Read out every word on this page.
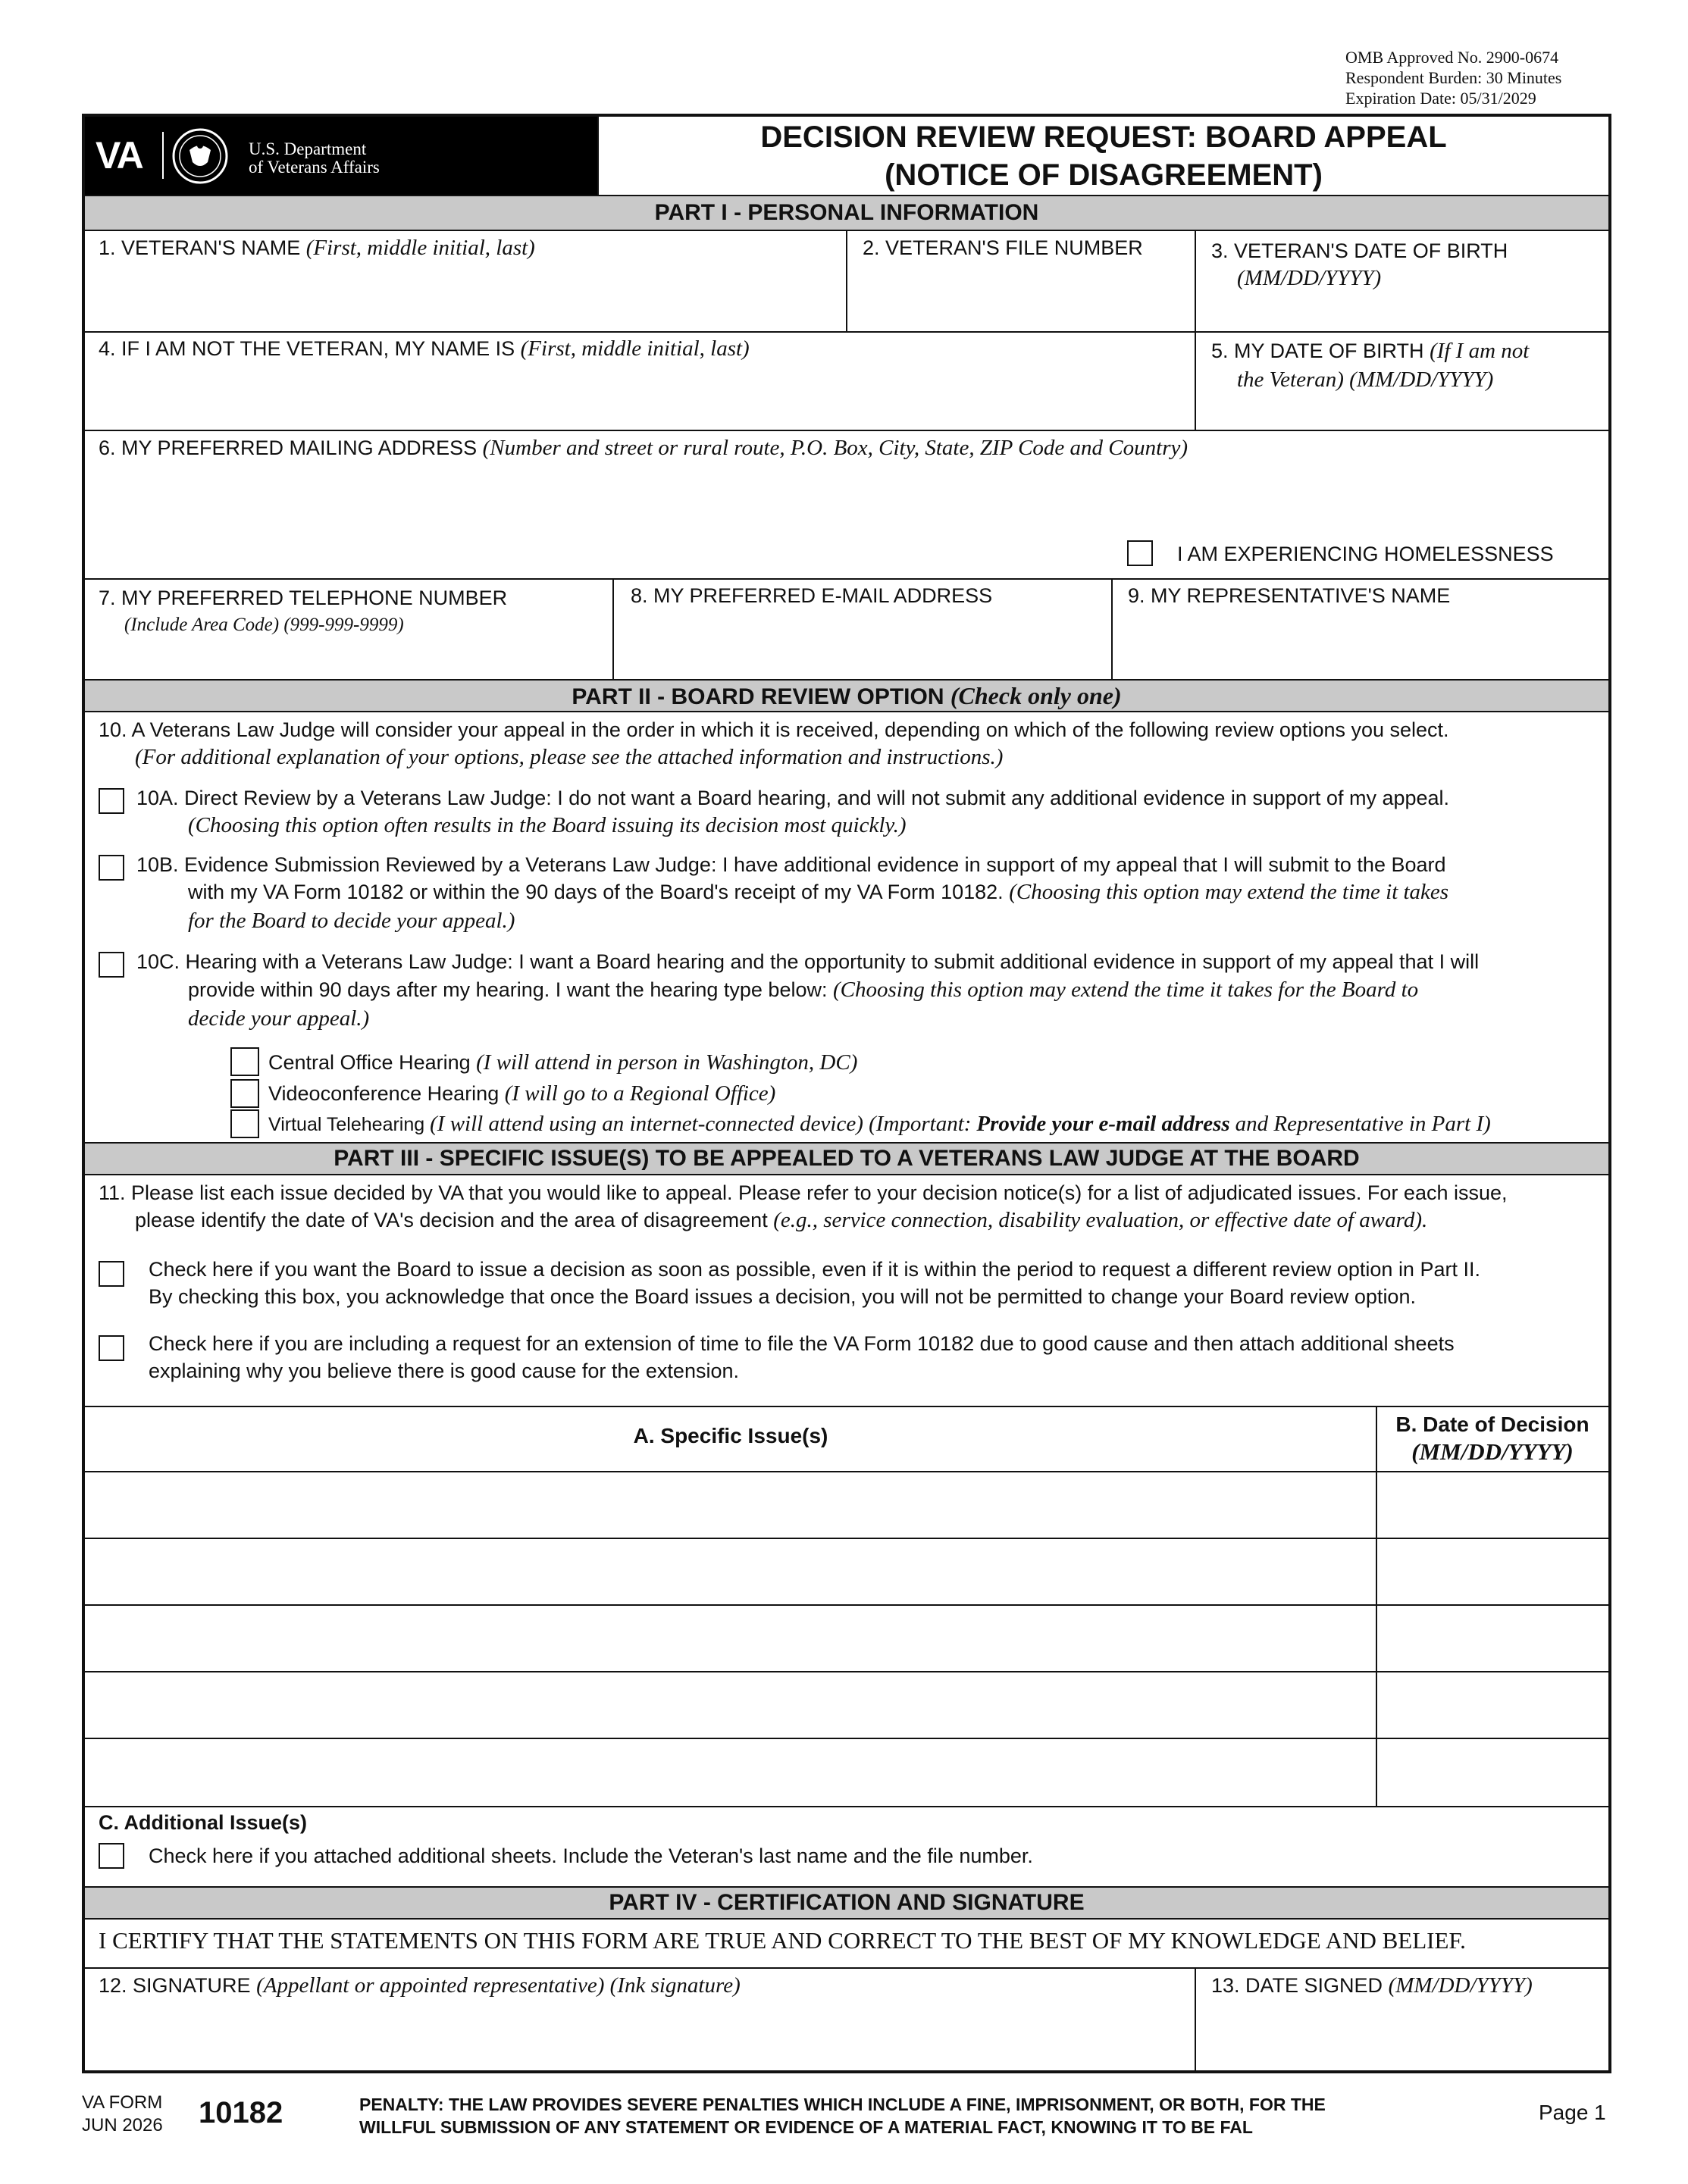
OMB Approved No. 2900-0674
Respondent Burden: 30 Minutes
Expiration Date: 05/31/2029
VA	U.S. Department
of Veterans Affairs
DECISION REVIEW REQUEST: BOARD APPEAL
(NOTICE OF DISAGREEMENT)
PART I - PERSONAL INFORMATION
1. VETERAN'S NAME (First, middle initial, last)	2. VETERAN'S FILE NUMBER	3. VETERAN'S DATE OF BIRTH
(MM/DD/YYYY)
4. IF I AM NOT THE VETERAN, MY NAME IS (First, middle initial, last)	5. MY DATE OF BIRTH (If I am not
the Veteran) (MM/DD/YYYY)
6. MY PREFERRED MAILING ADDRESS (Number and street or rural route, P.O. Box, City, State, ZIP Code and Country)
I AM EXPERIENCING HOMELESSNESS
7. MY PREFERRED TELEPHONE NUMBER
(Include Area Code) (999-999-9999)
8. MY PREFERRED E-MAIL ADDRESS	9. MY REPRESENTATIVE'S NAME
PART II - BOARD REVIEW OPTION (Check only one)
10. A Veterans Law Judge will consider your appeal in the order in which it is received, depending on which of the following review options you select.
(For additional explanation of your options, please see the attached information and instructions.)
10A. Direct Review by a Veterans Law Judge: I do not want a Board hearing, and will not submit any additional evidence in support of my appeal.
(Choosing this option often results in the Board issuing its decision most quickly.)
10B. Evidence Submission Reviewed by a Veterans Law Judge: I have additional evidence in support of my appeal that I will submit to the Board
with my VA Form 10182 or within the 90 days of the Board's receipt of my VA Form 10182. (Choosing this option may extend the time it takes
for the Board to decide your appeal.)
10C. Hearing with a Veterans Law Judge: I want a Board hearing and the opportunity to submit additional evidence in support of my appeal that I will
provide within 90 days after my hearing. I want the hearing type below: (Choosing this option may extend the time it takes for the Board to
decide your appeal.)
Central Office Hearing (I will attend in person in Washington, DC)
Videoconference Hearing (I will go to a Regional Office)
Virtual Telehearing (I will attend using an internet-connected device) (Important: Provide your e-mail address and Representative in Part I)
PART III - SPECIFIC ISSUE(S) TO BE APPEALED TO A VETERANS LAW JUDGE AT THE BOARD
11. Please list each issue decided by VA that you would like to appeal. Please refer to your decision notice(s) for a list of adjudicated issues. For each issue,
please identify the date of VA's decision and the area of disagreement (e.g., service connection, disability evaluation, or effective date of award).
Check here if you want the Board to issue a decision as soon as possible, even if it is within the period to request a different review option in Part II.
By checking this box, you acknowledge that once the Board issues a decision, you will not be permitted to change your Board review option.
Check here if you are including a request for an extension of time to file the VA Form 10182 due to good cause and then attach additional sheets
explaining why you believe there is good cause for the extension.
A. Specific Issue(s)	B. Date of Decision
(MM/DD/YYYY)
C. Additional Issue(s)
Check here if you attached additional sheets. Include the Veteran's last name and the file number.
PART IV - CERTIFICATION AND SIGNATURE
I CERTIFY THAT THE STATEMENTS ON THIS FORM ARE TRUE AND CORRECT TO THE BEST OF MY KNOWLEDGE AND BELIEF.
12. SIGNATURE (Appellant or appointed representative) (Ink signature)	13. DATE SIGNED (MM/DD/YYYY)
VA FORM
JUN 2026 10182	PENALTY: THE LAW PROVIDES SEVERE PENALTIES WHICH INCLUDE A FINE, IMPRISONMENT, OR BOTH, FOR THE
WILLFUL SUBMISSION OF ANY STATEMENT OR EVIDENCE OF A MATERIAL FACT, KNOWING IT TO BE FAL
Page 1
